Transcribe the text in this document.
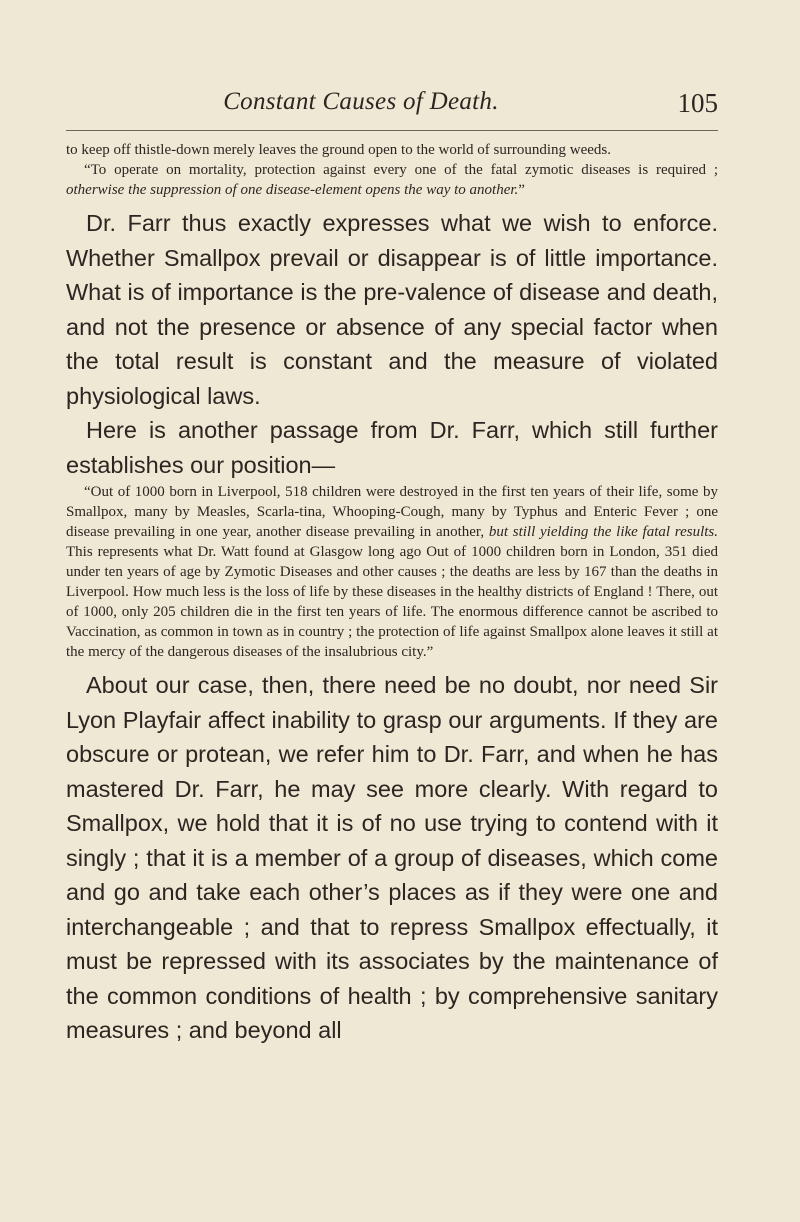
Constant Causes of Death.	105

to keep off thistle-down merely leaves the ground open to the world of surrounding weeds.

“To operate on mortality, protection against every one of the fatal zymotic diseases is required ; otherwise the suppression of one disease-element opens the way to another.”

Dr. Farr thus exactly expresses what we wish to enforce. Whether Smallpox prevail or disappear is of little importance. What is of importance is the pre-valence of disease and death, and not the presence or absence of any special factor when the total result is constant and the measure of violated physiological laws.

Here is another passage from Dr. Farr, which still further establishes our position—

“Out of 1000 born in Liverpool, 518 children were destroyed in the first ten years of their life, some by Smallpox, many by Measles, Scarla-tina, Whooping-Cough, many by Typhus and Enteric Fever ; one disease prevailing in one year, another disease prevailing in another, but still yielding the like fatal results. This represents what Dr. Watt found at Glasgow long ago Out of 1000 children born in London, 351 died under ten years of age by Zymotic Diseases and other causes ; the deaths are less by 167 than the deaths in Liverpool. How much less is the loss of life by these diseases in the healthy districts of England ! There, out of 1000, only 205 children die in the first ten years of life. The enormous difference cannot be ascribed to Vaccination, as common in town as in country ; the protection of life against Smallpox alone leaves it still at the mercy of the dangerous diseases of the insalubrious city.”

About our case, then, there need be no doubt, nor need Sir Lyon Playfair affect inability to grasp our arguments. If they are obscure or protean, we refer him to Dr. Farr, and when he has mastered Dr. Farr, he may see more clearly. With regard to Smallpox, we hold that it is of no use trying to contend with it singly ; that it is a member of a group of diseases, which come and go and take each other’s places as if they were one and interchangeable ; and that to repress Smallpox effectually, it must be repressed with its associates by the maintenance of the common conditions of health ; by comprehensive sanitary measures ; and beyond all
